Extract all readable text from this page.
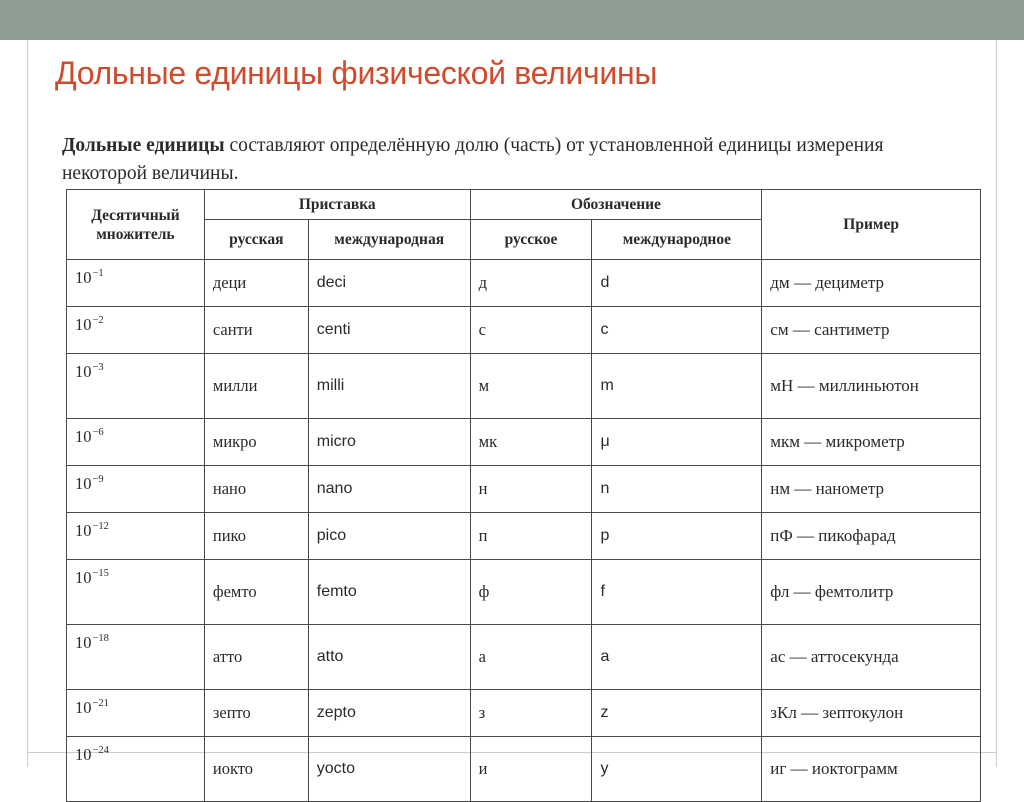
Дольные единицы физической величины

Дольные единицы составляют определённую долю (часть) от установленной единицы измерения некоторой величины.

Десятичный множитель	Приставка		Обозначение		Пример
	русская	международная	русское	международное	
$10^{-1}$	деци	deci	д	d	дм — дециметр
$10^{-2}$	санти	centi	с	c	см — сантиметр
$10^{-3}$	милли	milli	м	m	мН — миллиньютон
$10^{-6}$	микро	micro	мк	μ	мкм — микрометр
$10^{-9}$	нано	nano	н	n	нм — нанометр
$10^{-12}$	пико	pico	п	p	пФ — пикофарад
$10^{-15}$	фемто	femto	ф	f	фл — фемтолитр
$10^{-18}$	атто	atto	а	a	ас — аттосекунда
$10^{-21}$	зепто	zepto	з	z	зКл — зептокулон
$10^{-24}$	иокто	yocto	и	y	иг — иоктограмм
